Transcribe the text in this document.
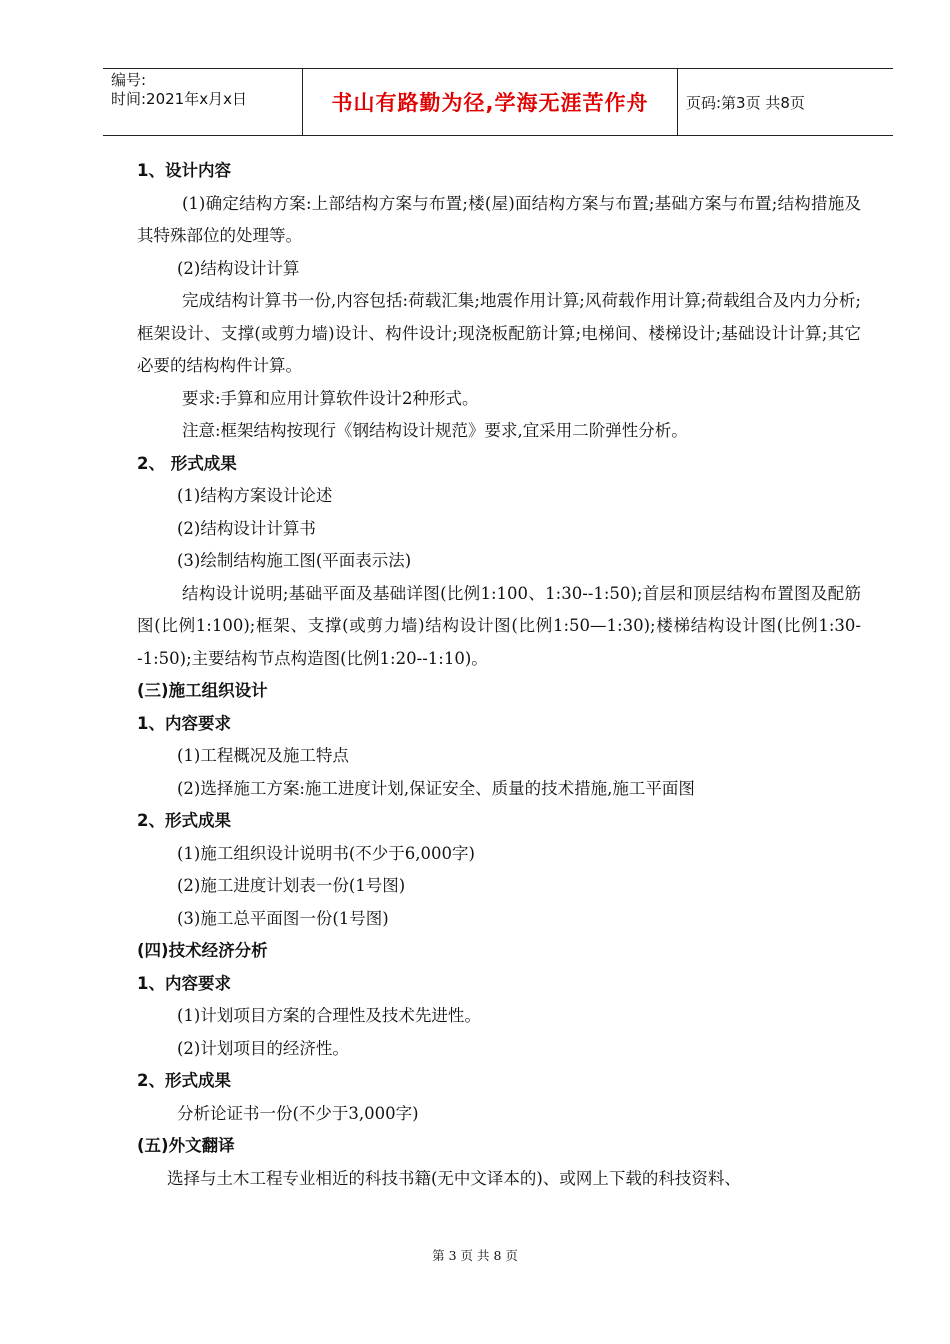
编号:
时间:2021年x月x日	书山有路勤为径,学海无涯苦作舟	页码:第3页 共8页

1、设计内容

(1)确定结构方案:上部结构方案与布置;楼(屋)面结构方案与布置;基础方案与布置;结构措施及其特殊部位的处理等。

(2)结构设计计算

完成结构计算书一份,内容包括:荷载汇集;地震作用计算;风荷载作用计算;荷载组合及内力分析;框架设计、支撑(或剪力墙)设计、构件设计;现浇板配筋计算;电梯间、楼梯设计;基础设计计算;其它必要的结构构件计算。

要求:手算和应用计算软件设计2种形式。

注意:框架结构按现行《钢结构设计规范》要求,宜采用二阶弹性分析。

2、 形式成果

(1)结构方案设计论述

(2)结构设计计算书

(3)绘制结构施工图(平面表示法)

结构设计说明;基础平面及基础详图(比例1:100、1:30--1:50);首层和顶层结构布置图及配筋图(比例1:100);框架、支撑(或剪力墙)结构设计图(比例1:50—1:30);楼梯结构设计图(比例1:30--1:50);主要结构节点构造图(比例1:20--1:10)。

(三)施工组织设计

1、内容要求

(1)工程概况及施工特点

(2)选择施工方案:施工进度计划,保证安全、质量的技术措施,施工平面图

2、形式成果

(1)施工组织设计说明书(不少于6,000字)

(2)施工进度计划表一份(1号图)

(3)施工总平面图一份(1号图)

(四)技术经济分析

1、内容要求

(1)计划项目方案的合理性及技术先进性。

(2)计划项目的经济性。

2、形式成果

分析论证书一份(不少于3,000字)

(五)外文翻译

选择与土木工程专业相近的科技书籍(无中文译本的)、或网上下载的科技资料、

第 3 页 共 8 页
